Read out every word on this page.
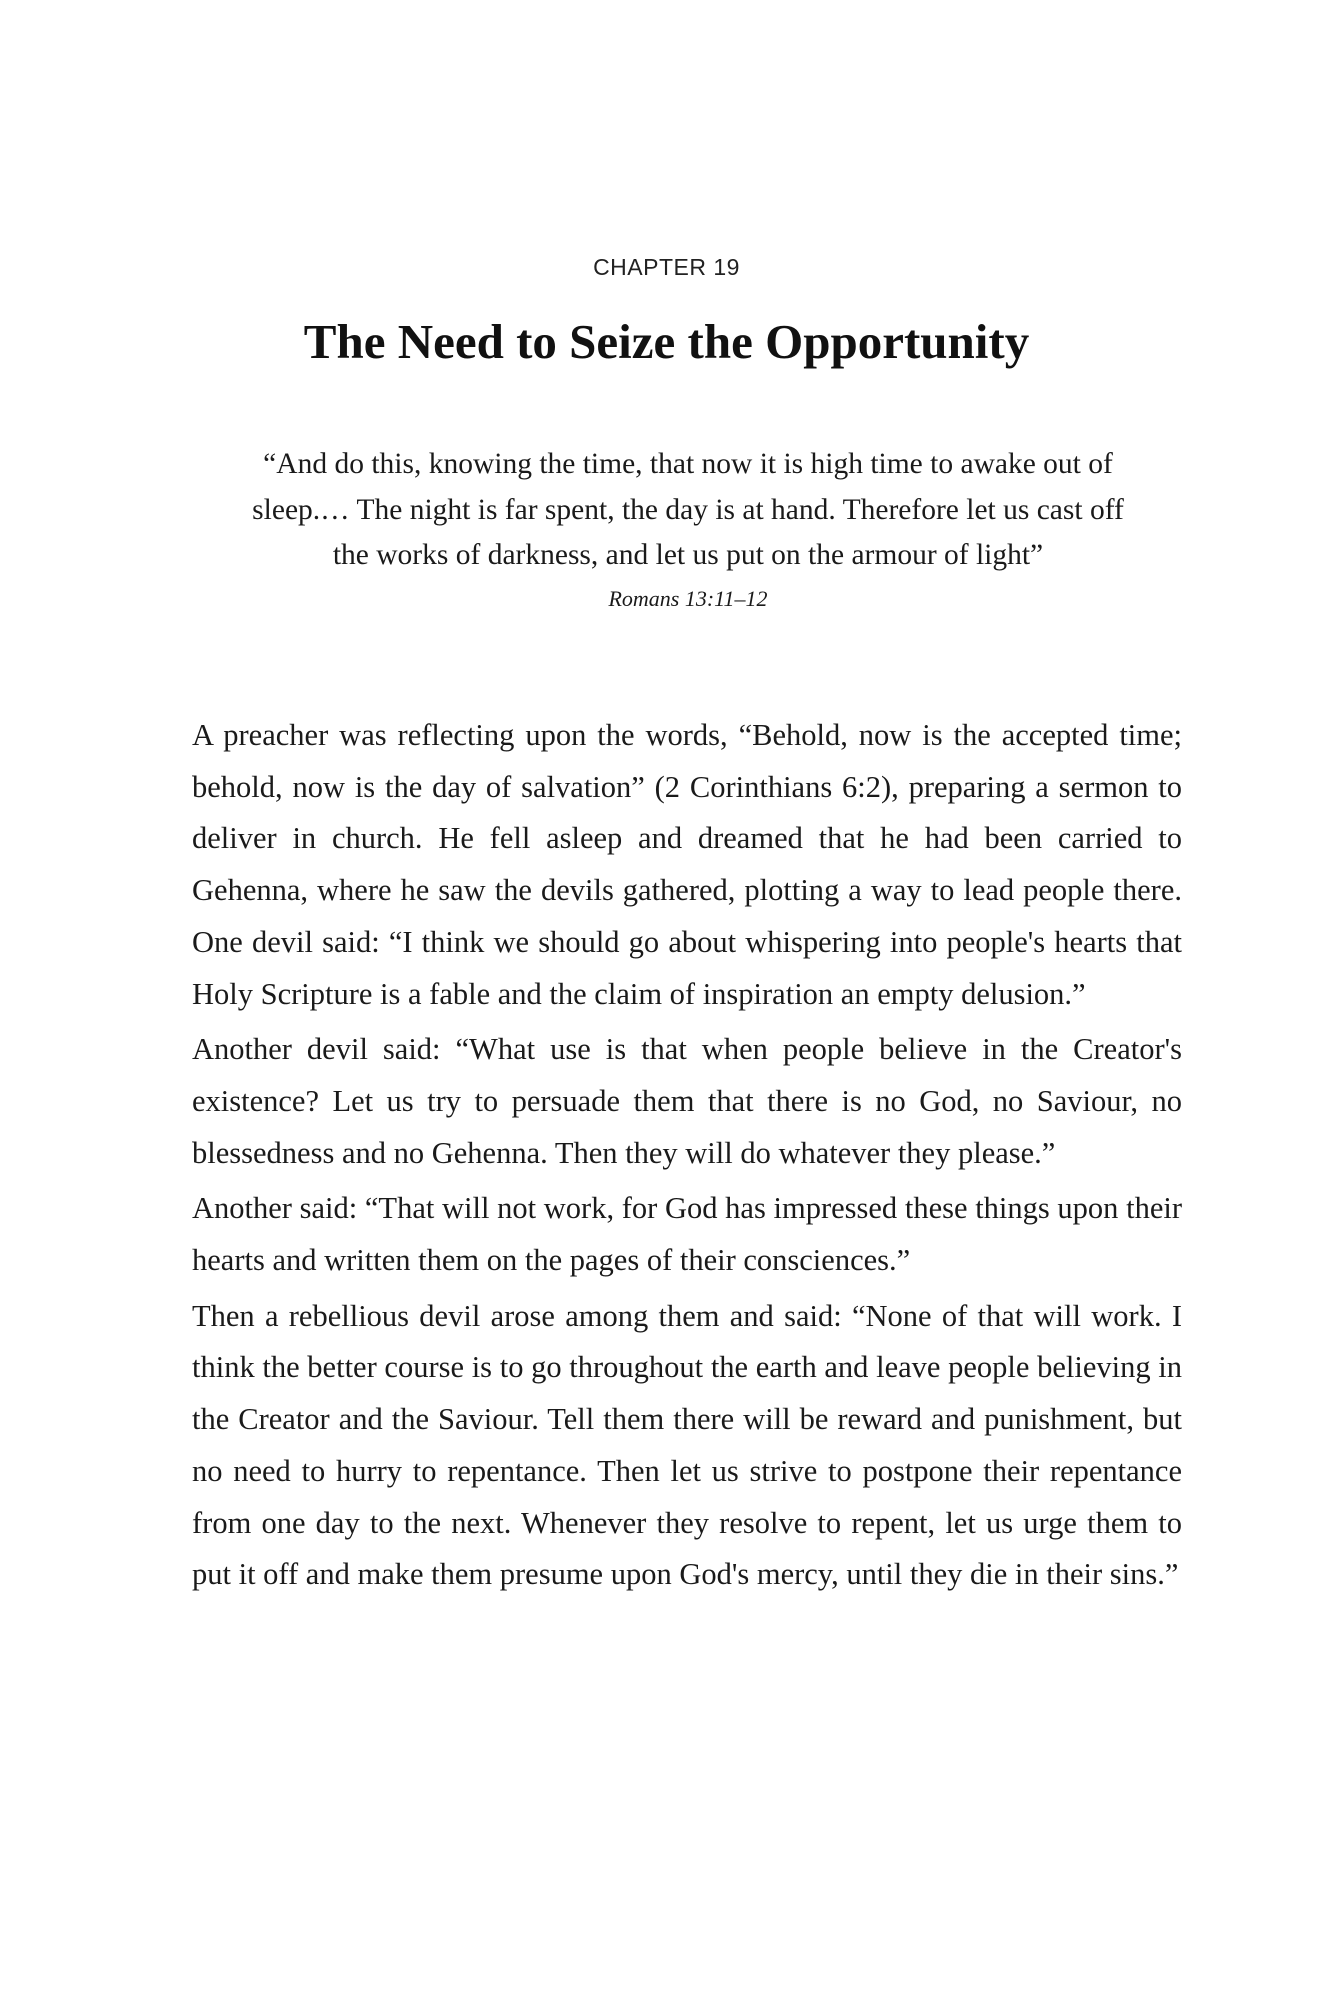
CHAPTER 19
The Need to Seize the Opportunity

“And do this, knowing the time, that now it is high time to awake out of sleep.… The night is far spent, the day is at hand. Therefore let us cast off the works of darkness, and let us put on the armour of light”

Romans 13:11–12

A preacher was reflecting upon the words, “Behold, now is the accepted time; behold, now is the day of salvation” (2 Corinthians 6:2), preparing a sermon to deliver in church. He fell asleep and dreamed that he had been carried to Gehenna, where he saw the devils gathered, plotting a way to lead people there. One devil said: “I think we should go about whispering into people's hearts that Holy Scripture is a fable and the claim of inspiration an empty delusion.”

Another devil said: “What use is that when people believe in the Creator's existence? Let us try to persuade them that there is no God, no Saviour, no blessedness and no Gehenna. Then they will do whatever they please.”

Another said: “That will not work, for God has impressed these things upon their hearts and written them on the pages of their consciences.”

Then a rebellious devil arose among them and said: “None of that will work. I think the better course is to go throughout the earth and leave people believing in the Creator and the Saviour. Tell them there will be reward and punishment, but no need to hurry to repentance. Then let us strive to postpone their repentance from one day to the next. Whenever they resolve to repent, let us urge them to put it off and make them presume upon God's mercy, until they die in their sins.”
